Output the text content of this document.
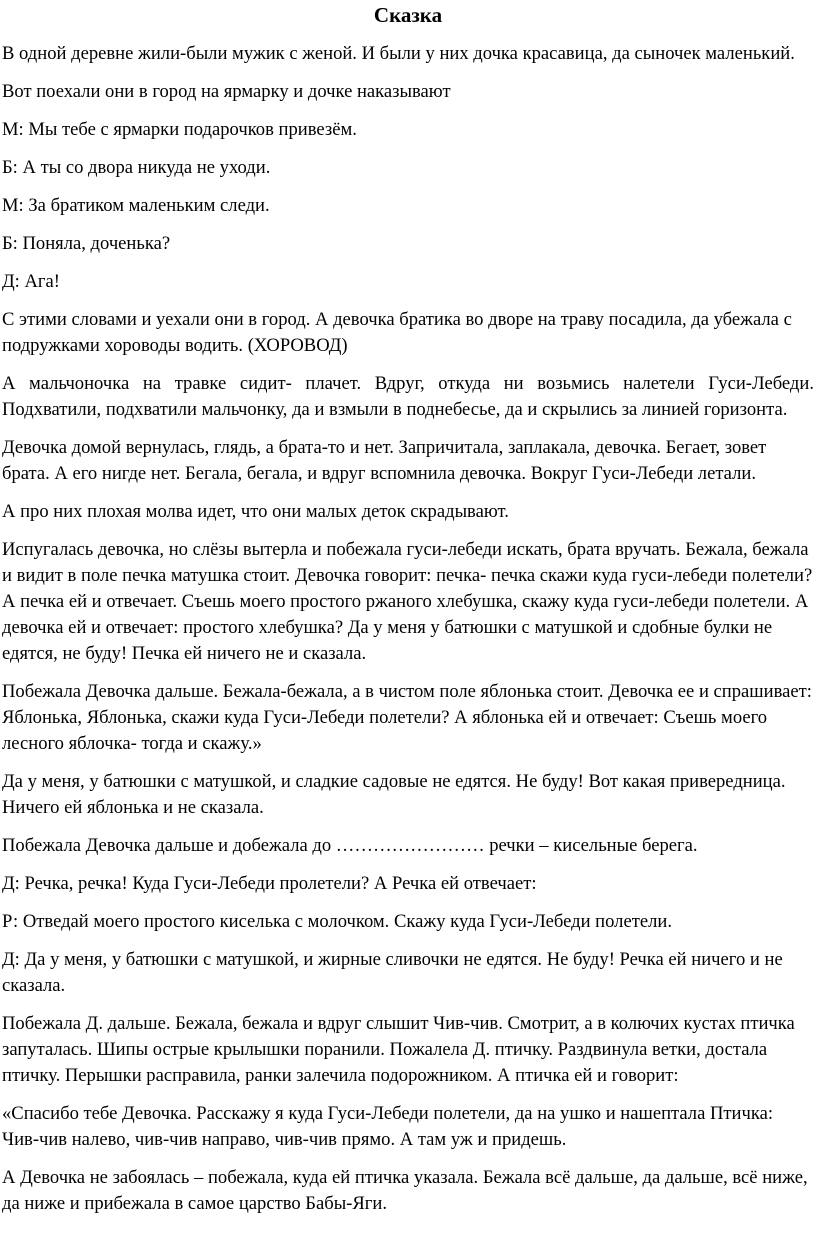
Сказка

В одной деревне жили-были мужик с женой. И были у них дочка красавица, да сыночек маленький.

Вот поехали они в город на ярмарку и дочке наказывают

М: Мы тебе с ярмарки подарочков привезём.

Б: А ты со двора никуда не уходи.

М: За братиком маленьким следи.

Б: Поняла, доченька?

Д: Ага!

С этими словами и уехали они в город. А девочка братика во дворе на траву посадила, да убежала с подружками хороводы водить. (ХОРОВОД)

А мальчоночка на травке сидит- плачет. Вдруг, откуда ни возьмись налетели Гуси-Лебеди. Подхватили, подхватили мальчонку, да и взмыли в поднебесье, да и скрылись за линией горизонта.

Девочка домой вернулась, глядь, а брата-то и нет. Запричитала, заплакала, девочка. Бегает, зовет брата. А его нигде нет. Бегала, бегала, и вдруг вспомнила девочка. Вокруг Гуси-Лебеди летали.

А про них плохая молва идет, что они малых деток скрадывают.

Испугалась девочка, но слёзы вытерла и побежала гуси-лебеди искать, брата вручать. Бежала, бежала и видит в поле печка матушка стоит. Девочка говорит: печка- печка скажи куда гуси-лебеди полетели? А печка ей и отвечает. Съешь моего простого ржаного хлебушка, скажу куда гуси-лебеди полетели. А девочка ей и отвечает: простого хлебушка? Да у меня у батюшки с матушкой и сдобные булки не едятся, не буду! Печка ей ничего не и сказала.

Побежала Девочка дальше. Бежала-бежала, а в чистом поле яблонька стоит. Девочка ее и спрашивает: Яблонька, Яблонька, скажи куда Гуси-Лебеди полетели? А яблонька ей и отвечает: Съешь моего лесного яблочка- тогда и скажу.»

Да у меня, у батюшки с матушкой, и сладкие садовые не едятся. Не буду! Вот какая привередница. Ничего ей яблонька и не сказала.

Побежала Девочка дальше и добежала до …………………… речки – кисельные берега.

Д: Речка, речка! Куда Гуси-Лебеди пролетели? А Речка ей отвечает:

Р: Отведай моего простого киселька с молочком. Скажу куда Гуси-Лебеди полетели.

Д: Да у меня, у батюшки с матушкой, и жирные сливочки не едятся. Не буду! Речка ей ничего и не сказала.

Побежала Д. дальше. Бежала, бежала и вдруг слышит Чив-чив. Смотрит, а в колючих кустах птичка запуталась. Шипы острые крылышки поранили. Пожалела Д. птичку. Раздвинула ветки, достала птичку. Перышки расправила, ранки залечила подорожником. А птичка ей и говорит:

«Спасибо тебе Девочка. Расскажу я куда Гуси-Лебеди полетели, да на ушко и нашептала Птичка: Чив-чив налево, чив-чив направо, чив-чив прямо. А там уж и придешь.

А Девочка не забоялась – побежала, куда ей птичка указала. Бежала всё дальше, да дальше, всё ниже, да ниже и прибежала в самое царство Бабы-Яги.
